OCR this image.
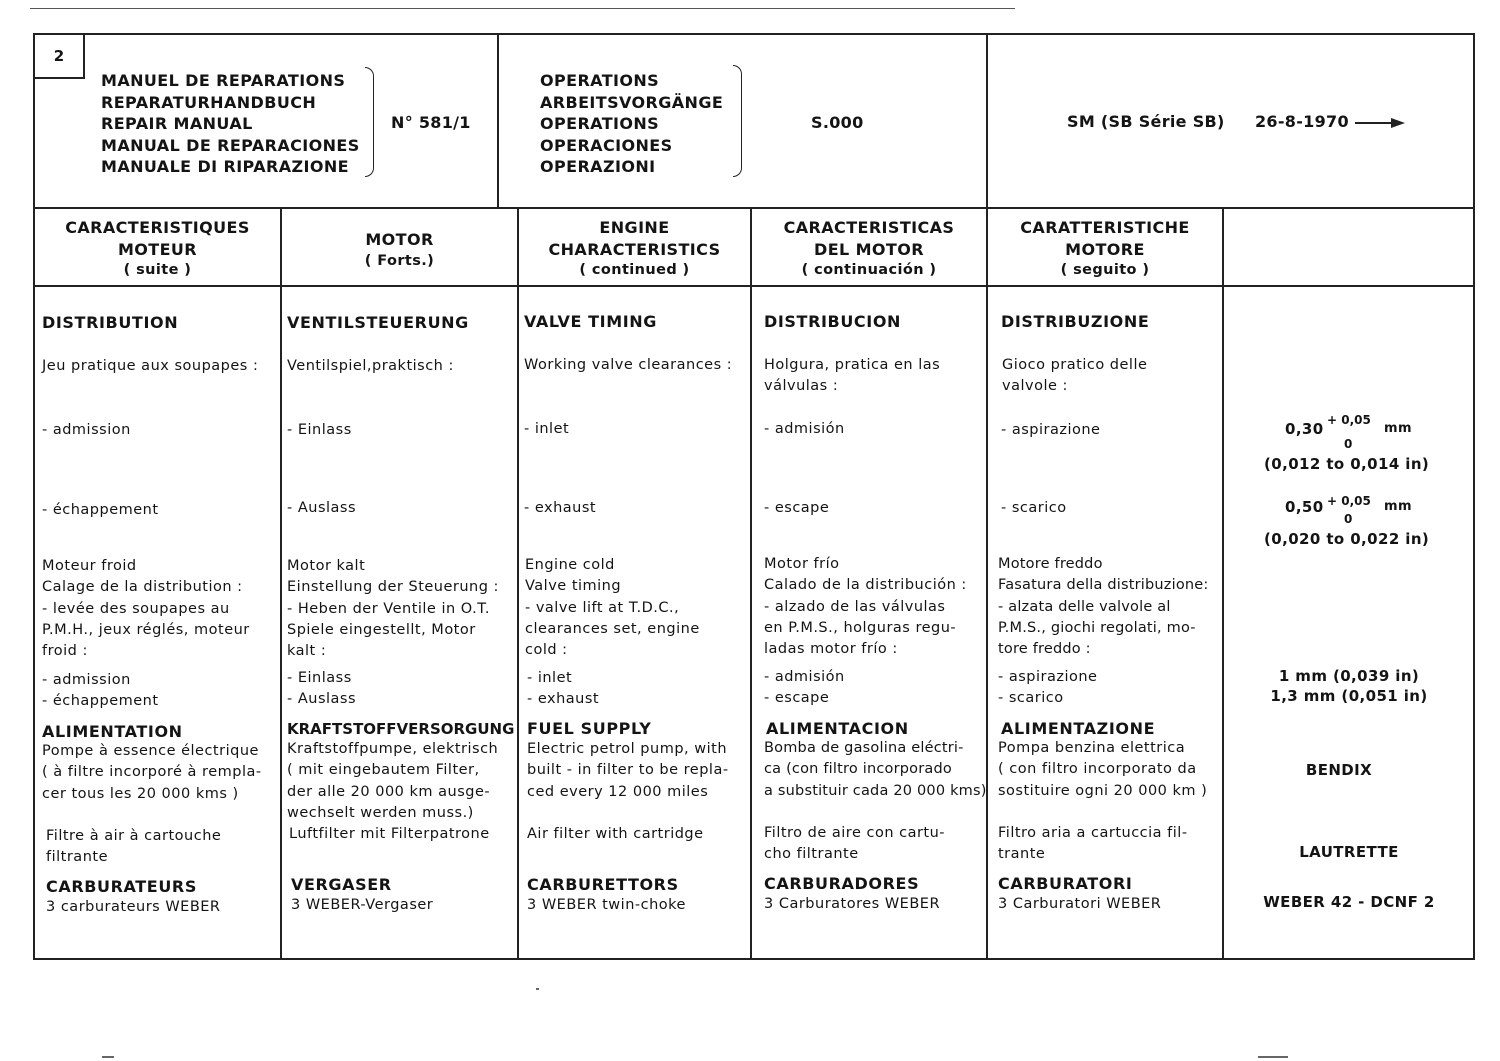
2
MANUEL DE REPARATIONS
REPARATURHANDBUCH
REPAIR MANUAL
MANUAL DE REPARACIONES
MANUALE DI RIPARAZIONE
N° 581/1
OPERATIONS
ARBEITSVORGÄNGE
OPERATIONS
OPERACIONES
OPERAZIONI
S.000	SM (SB Série SB) 26-8-1970
CARACTERISTIQUES
MOTEUR
( suite )
MOTOR
( Forts.)
ENGINE
CHARACTERISTICS
( continued )
CARACTERISTICAS
DEL MOTOR
( continuación )
CARATTERISTICHE
MOTORE
( seguito )
DISTRIBUTION
Jeu pratique aux soupapes :
- admission
- échappement
Moteur froid
Calage de la distribution :
- levée des soupapes au
P.M.H., jeux réglés, moteur
froid :
- admission
- échappement
ALIMENTATION
Pompe à essence électrique
( à filtre incorporé à rempla-
cer tous les 20 000 kms )
Filtre à air à cartouche
filtrante
CARBURATEURS
3 carburateurs WEBER
VENTILSTEUERUNG
Ventilspiel,praktisch :
- Einlass
- Auslass
Motor kalt
Einstellung der Steuerung :
- Heben der Ventile in O.T.
Spiele eingestellt, Motor
kalt :
- Einlass
- Auslass
KRAFTSTOFFVERSORGUNG
Kraftstoffpumpe, elektrisch
( mit eingebautem Filter,
der alle 20 000 km ausge-
wechselt werden muss.)
Luftfilter mit Filterpatrone
VERGASER
3 WEBER-Vergaser
VALVE TIMING
Working valve clearances :
- inlet
- exhaust
Engine cold
Valve timing
- valve lift at T.D.C.,
clearances set, engine
cold :
- inlet
- exhaust
FUEL SUPPLY
Electric petrol pump, with
built - in filter to be repla-
ced every 12 000 miles
Air filter with cartridge
CARBURETTORS
3 WEBER twin-choke
DISTRIBUCION
Holgura, pratica en las
válvulas :
- admisión
- escape
Motor frío
Calado de la distribución :
- alzado de las válvulas
en P.M.S., holguras regu-
ladas motor frío :
- admisión
- escape
ALIMENTACION
Bomba de gasolina eléctri-
ca (con filtro incorporado
a substituir cada 20 000 kms)
Filtro de aire con cartu-
cho filtrante
CARBURADORES
3 Carburatores WEBER
DISTRIBUZIONE
Gioco pratico delle
valvole :
- aspirazione
- scarico
Motore freddo
Fasatura della distribuzione:
- alzata delle valvole al
P.M.S., giochi regolati, mo-
tore freddo :
- aspirazione
- scarico
ALIMENTAZIONE
Pompa benzina elettrica
( con filtro incorporato da
sostituire ogni 20 000 km )
Filtro aria a cartuccia fil-
trante
CARBURATORI
3 Carburatori WEBER
0,30 + 0,05
0
mm
(0,012 to 0,014 in)
0,50 + 0,05
0
mm
(0,020 to 0,022 in)
1 mm (0,039 in)
1,3 mm (0,051 in)
BENDIX
LAUTRETTE
WEBER 42 - DCNF 2
